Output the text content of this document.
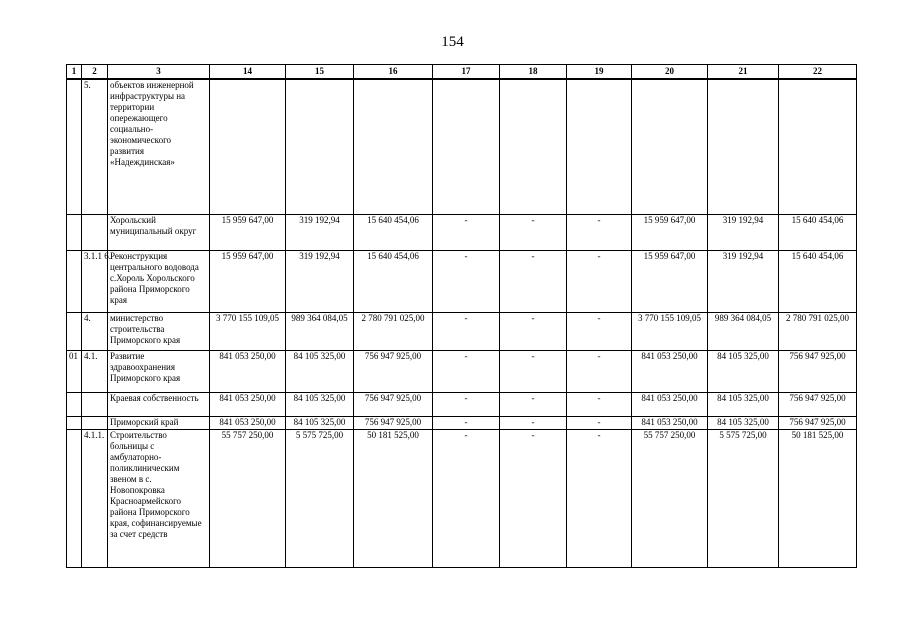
154
1	2	3	14	15	16	17	18	19	20	21	22
	5.	объектов инженерной инфраструктуры на территории опережающего социально-экономического развития «Надеждинская»									
		Хорольский муниципальный округ	15 959 647,00	319 192,94	15 640 454,06	-	-	-	15 959 647,00	319 192,94	15 640 454,06
	3.1.1 6.	Реконструкция центрального водовода с.Хороль Хорольского района Приморского края	15 959 647,00	319 192,94	15 640 454,06	-	-	-	15 959 647,00	319 192,94	15 640 454,06
	4.	министерство строительства Приморского края	3 770 155 109,05	989 364 084,05	2 780 791 025,00	-	-	-	3 770 155 109,05	989 364 084,05	2 780 791 025,00
01	4.1.	Развитие здравоохранения Приморского края	841 053 250,00	84 105 325,00	756 947 925,00	-	-	-	841 053 250,00	84 105 325,00	756 947 925,00
		Краевая собственность	841 053 250,00	84 105 325,00	756 947 925,00	-	-	-	841 053 250,00	84 105 325,00	756 947 925,00
		Приморский край	841 053 250,00	84 105 325,00	756 947 925,00	-	-	-	841 053 250,00	84 105 325,00	756 947 925,00
	4.1.1.	Строительство больницы с амбулаторно-поликлиническим звеном в с. Новопокровка Красноармейского района Приморского края, софинансируемые за счет средств	55 757 250,00	5 575 725,00	50 181 525,00	-	-	-	55 757 250,00	5 575 725,00	50 181 525,00
